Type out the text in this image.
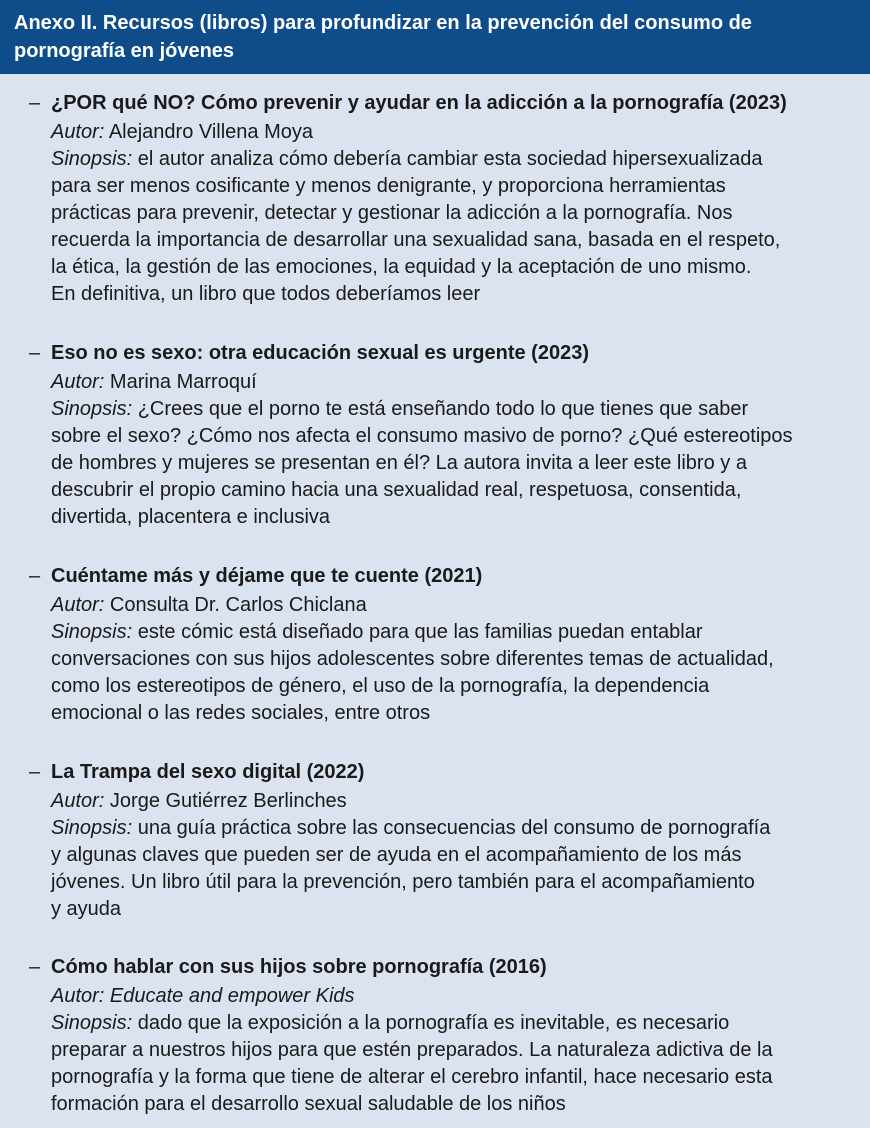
Anexo II. Recursos (libros) para profundizar en la prevención del consumo de
pornografía en jóvenes
– ¿POR qué NO? Cómo prevenir y ayudar en la adicción a la pornografía (2023)
Autor: Alejandro Villena Moya
Sinopsis: el autor analiza cómo debería cambiar esta sociedad hipersexualizada
para ser menos cosificante y menos denigrante, y proporciona herramientas
prácticas para prevenir, detectar y gestionar la adicción a la pornografía. Nos
recuerda la importancia de desarrollar una sexualidad sana, basada en el respeto,
la ética, la gestión de las emociones, la equidad y la aceptación de uno mismo.
En definitiva, un libro que todos deberíamos leer
– Eso no es sexo: otra educación sexual es urgente (2023)
Autor: Marina Marroquí
Sinopsis: ¿Crees que el porno te está enseñando todo lo que tienes que saber
sobre el sexo? ¿Cómo nos afecta el consumo masivo de porno? ¿Qué estereotipos
de hombres y mujeres se presentan en él? La autora invita a leer este libro y a
descubrir el propio camino hacia una sexualidad real, respetuosa, consentida,
divertida, placentera e inclusiva
– Cuéntame más y déjame que te cuente (2021)
Autor: Consulta Dr. Carlos Chiclana
Sinopsis: este cómic está diseñado para que las familias puedan entablar
conversaciones con sus hijos adolescentes sobre diferentes temas de actualidad,
como los estereotipos de género, el uso de la pornografía, la dependencia
emocional o las redes sociales, entre otros
– La Trampa del sexo digital (2022)
Autor: Jorge Gutiérrez Berlinches
Sinopsis: una guía práctica sobre las consecuencias del consumo de pornografía
y algunas claves que pueden ser de ayuda en el acompañamiento de los más
jóvenes. Un libro útil para la prevención, pero también para el acompañamiento
y ayuda
– Cómo hablar con sus hijos sobre pornografía (2016)
Autor: Educate and empower Kids
Sinopsis: dado que la exposición a la pornografía es inevitable, es necesario
preparar a nuestros hijos para que estén preparados. La naturaleza adictiva de la
pornografía y la forma que tiene de alterar el cerebro infantil, hace necesario esta
formación para el desarrollo sexual saludable de los niños
